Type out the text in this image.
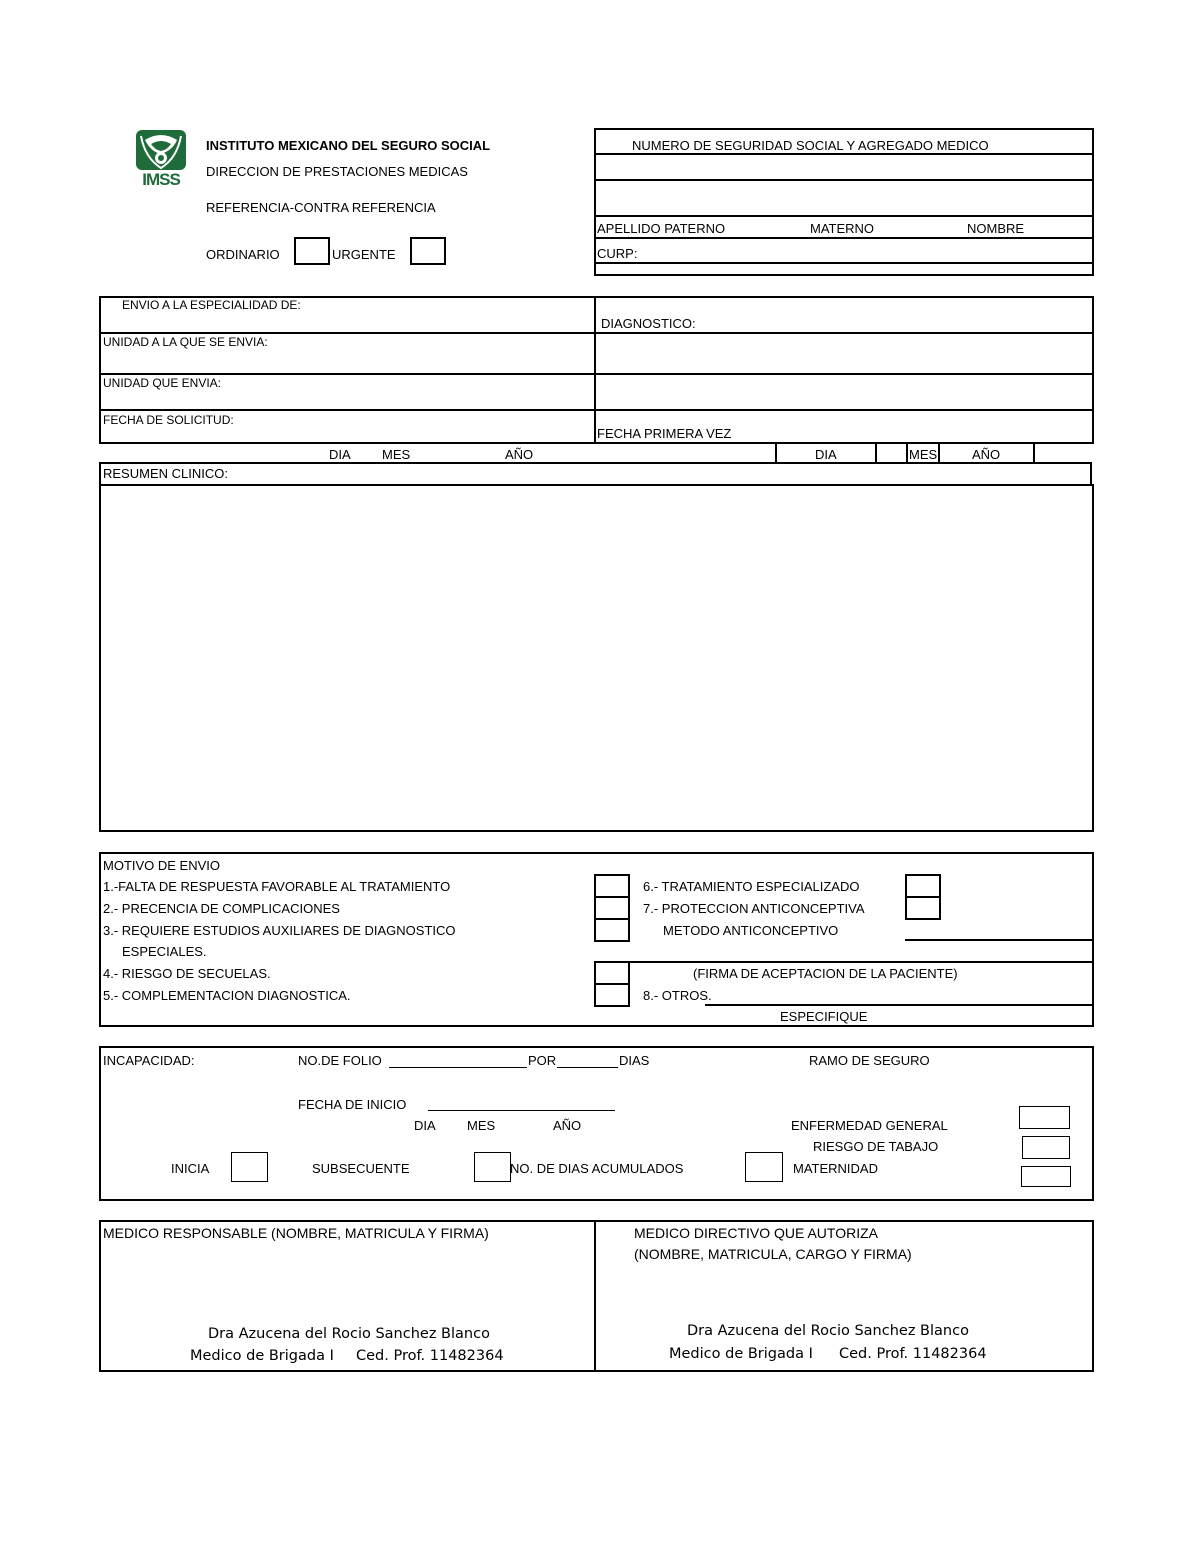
IMSS
INSTITUTO MEXICANO DEL SEGURO SOCIAL
DIRECCION DE PRESTACIONES MEDICAS
REFERENCIA-CONTRA REFERENCIA
ORDINARIO	URGENTE
NUMERO DE SEGURIDAD SOCIAL Y AGREGADO MEDICO
APELLIDO PATERNO	MATERNO	NOMBRE
CURP:
ENVIO A LA ESPECIALIDAD DE:
DIAGNOSTICO:
UNIDAD A LA QUE SE ENVIA:
UNIDAD QUE ENVIA:
FECHA DE SOLICITUD:
FECHA PRIMERA VEZ
DIA MES	AÑO	DIA	MES	AÑO
RESUMEN CLINICO:
MOTIVO DE ENVIO
1.-FALTA DE RESPUESTA FAVORABLE AL TRATAMIENTO
2.- PRECENCIA DE COMPLICACIONES
3.- REQUIERE ESTUDIOS AUXILIARES DE DIAGNOSTICO
ESPECIALES.
4.- RIESGO DE SECUELAS.
5.- COMPLEMENTACION DIAGNOSTICA.
6.- TRATAMIENTO ESPECIALIZADO
7.- PROTECCION ANTICONCEPTIVA
METODO ANTICONCEPTIVO
(FIRMA DE ACEPTACION DE LA PACIENTE)
8.- OTROS.
ESPECIFIQUE
INCAPACIDAD:	NO.DE FOLIO	POR	DIAS	RAMO DE SEGURO
FECHA DE INICIO
DIA MES	AÑO	ENFERMEDAD GENERAL
RIESGO DE TABAJO
MATERNIDAD
INICIA	SUBSECUENTE	NO. DE DIAS ACUMULADOS
MEDICO RESPONSABLE (NOMBRE, MATRICULA Y FIRMA)	MEDICO DIRECTIVO QUE AUTORIZA
(NOMBRE, MATRICULA, CARGO Y FIRMA)
Dra Azucena del Rocio Sanchez Blanco
Medico de Brigada I Ced. Prof. 11482364
Dra Azucena del Rocio Sanchez Blanco
Medico de Brigada I Ced. Prof. 11482364
